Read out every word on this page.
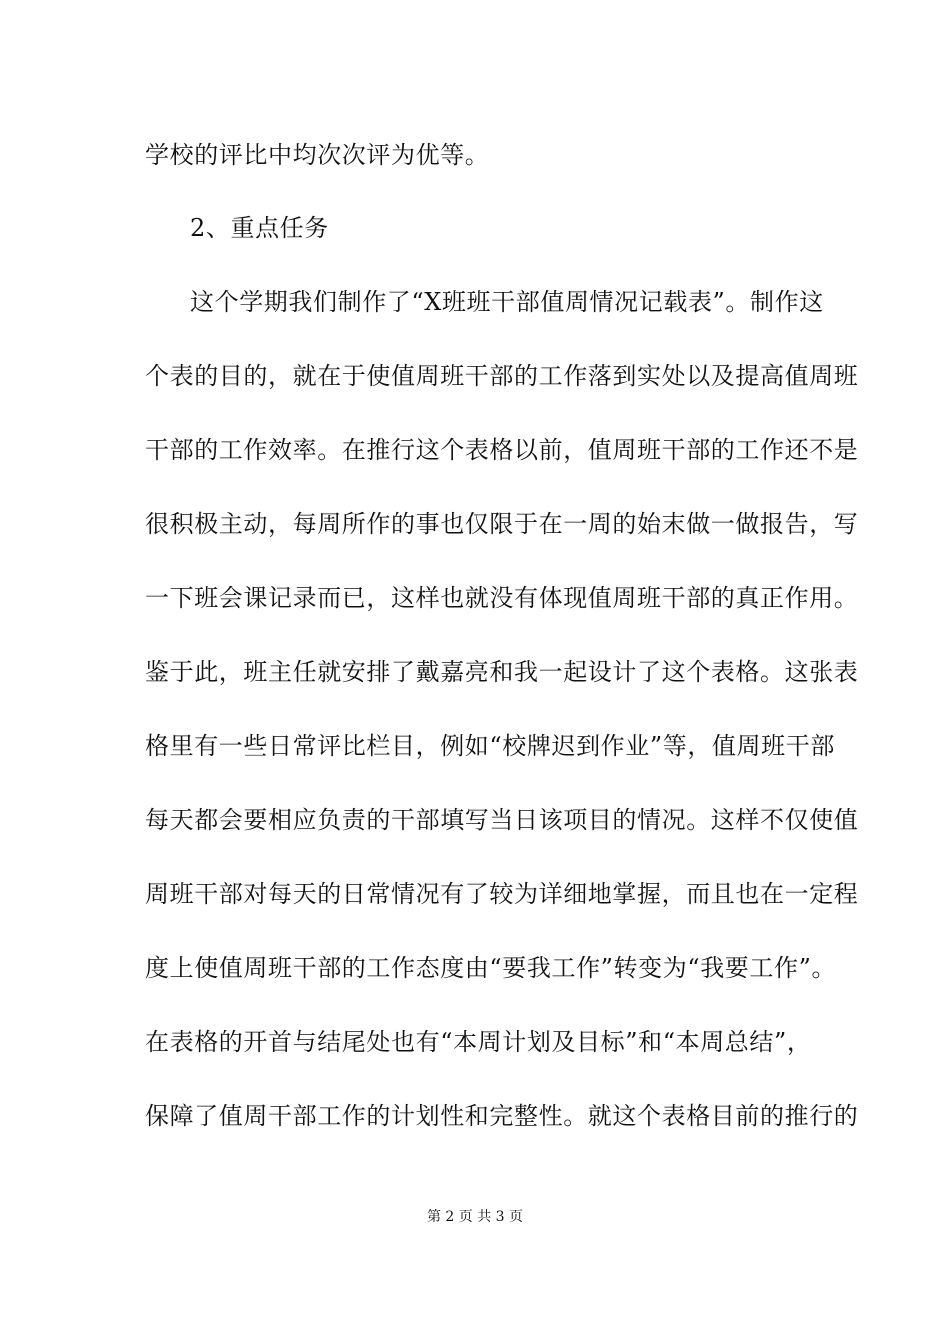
学校的评比中均次次评为优等。
2、重点任务
这个学期我们制作了“X班班干部值周情况记载表”。制作这
个表的目的，就在于使值周班干部的工作落到实处以及提高值周班
干部的工作效率。在推行这个表格以前，值周班干部的工作还不是
很积极主动，每周所作的事也仅限于在一周的始末做一做报告，写
一下班会课记录而已，这样也就没有体现值周班干部的真正作用。
鉴于此，班主任就安排了戴嘉亮和我一起设计了这个表格。这张表
格里有一些日常评比栏目，例如“校牌迟到作业”等，值周班干部
每天都会要相应负责的干部填写当日该项目的情况。这样不仅使值
周班干部对每天的日常情况有了较为详细地掌握，而且也在一定程
度上使值周班干部的工作态度由“要我工作”转变为“我要工作”。
在表格的开首与结尾处也有“本周计划及目标”和“本周总结”，
保障了值周干部工作的计划性和完整性。就这个表格目前的推行的
第 2 页 共 3 页
